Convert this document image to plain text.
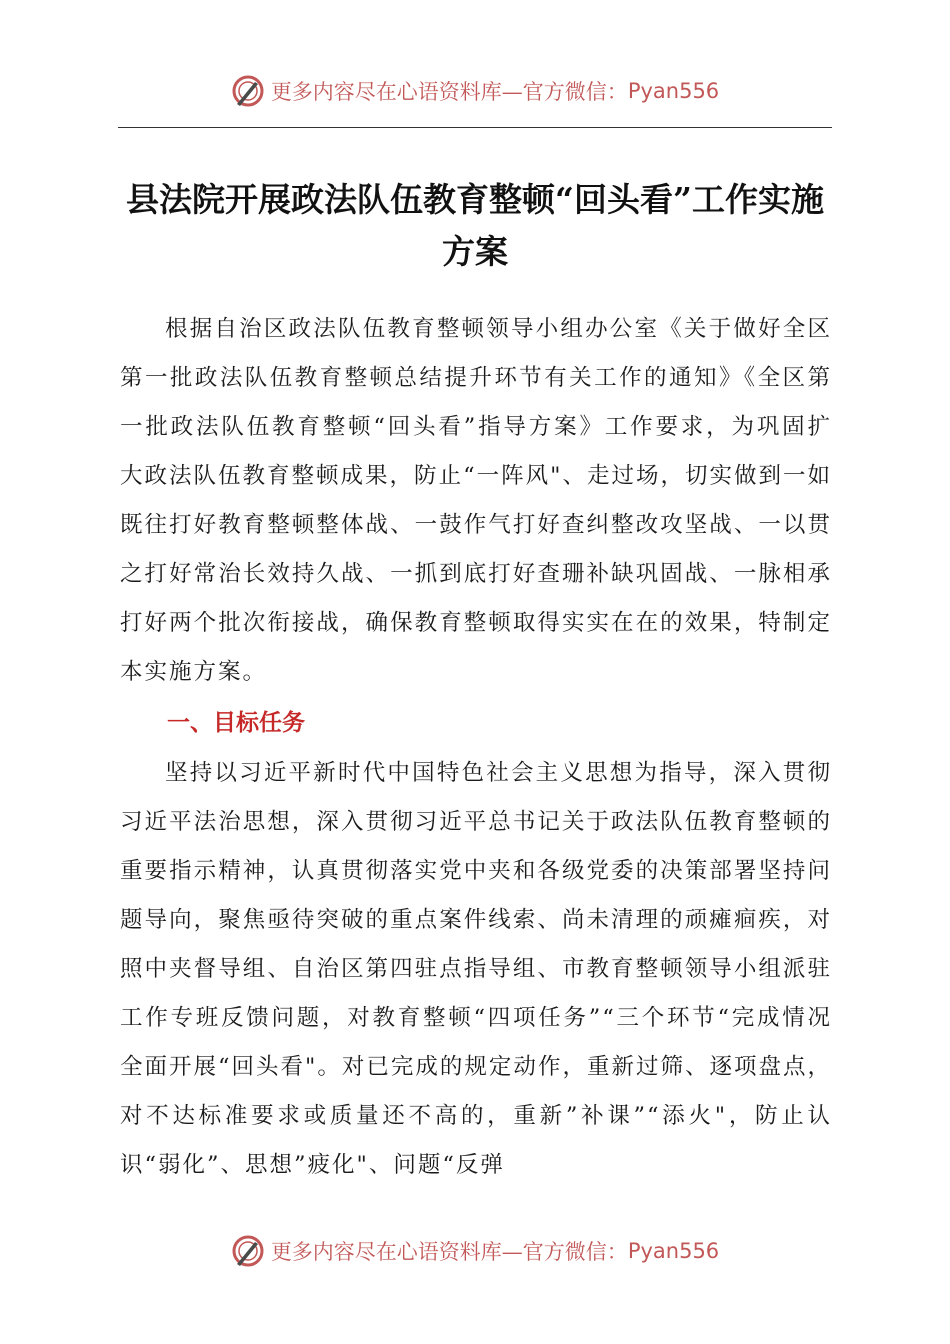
更多内容尽在心语资料库—官方微信： Pyan556
县法院开展政法队伍教育整顿“回头看”工作实施方案
根据自治区政法队伍教育整顿领导小组办公室《关于做好全区第一批政法队伍教育整顿总结提升环节有关工作的通知》《全区第一批政法队伍教育整顿“回头看”指导方案》工作要求，为巩固扩大政法队伍教育整顿成果，防止“一阵风"、走过场，切实做到一如既往打好教育整顿整体战、一鼓作气打好查纠整改攻坚战、一以贯之打好常治长效持久战、一抓到底打好查珊补缺巩固战、一脉相承打好两个批次衔接战，确保教育整顿取得实实在在的效果，特制定本实施方案。
一、目标任务
坚持以习近平新时代中国特色社会主义思想为指导，深入贯彻习近平法治思想，深入贯彻习近平总书记关于政法队伍教育整顿的重要指示精神，认真贯彻落实党中夹和各级党委的决策部署坚持问题导向，聚焦亟待突破的重点案件线索、尚未清理的顽瘫痐疾，对照中夹督导组、自治区第四驻点指导组、市教育整顿领导小组派驻工作专班反馈问题，对教育整顿“四项任务”“三个环节“完成情况全面开展“回头看"。对已完成的规定动作，重新过筛、逐项盘点，对不达标准要求或质量还不高的，重新”补课”“添火"，防止认识“弱化”、思想”疲化"、问题“反弹
更多内容尽在心语资料库—官方微信： Pyan556
